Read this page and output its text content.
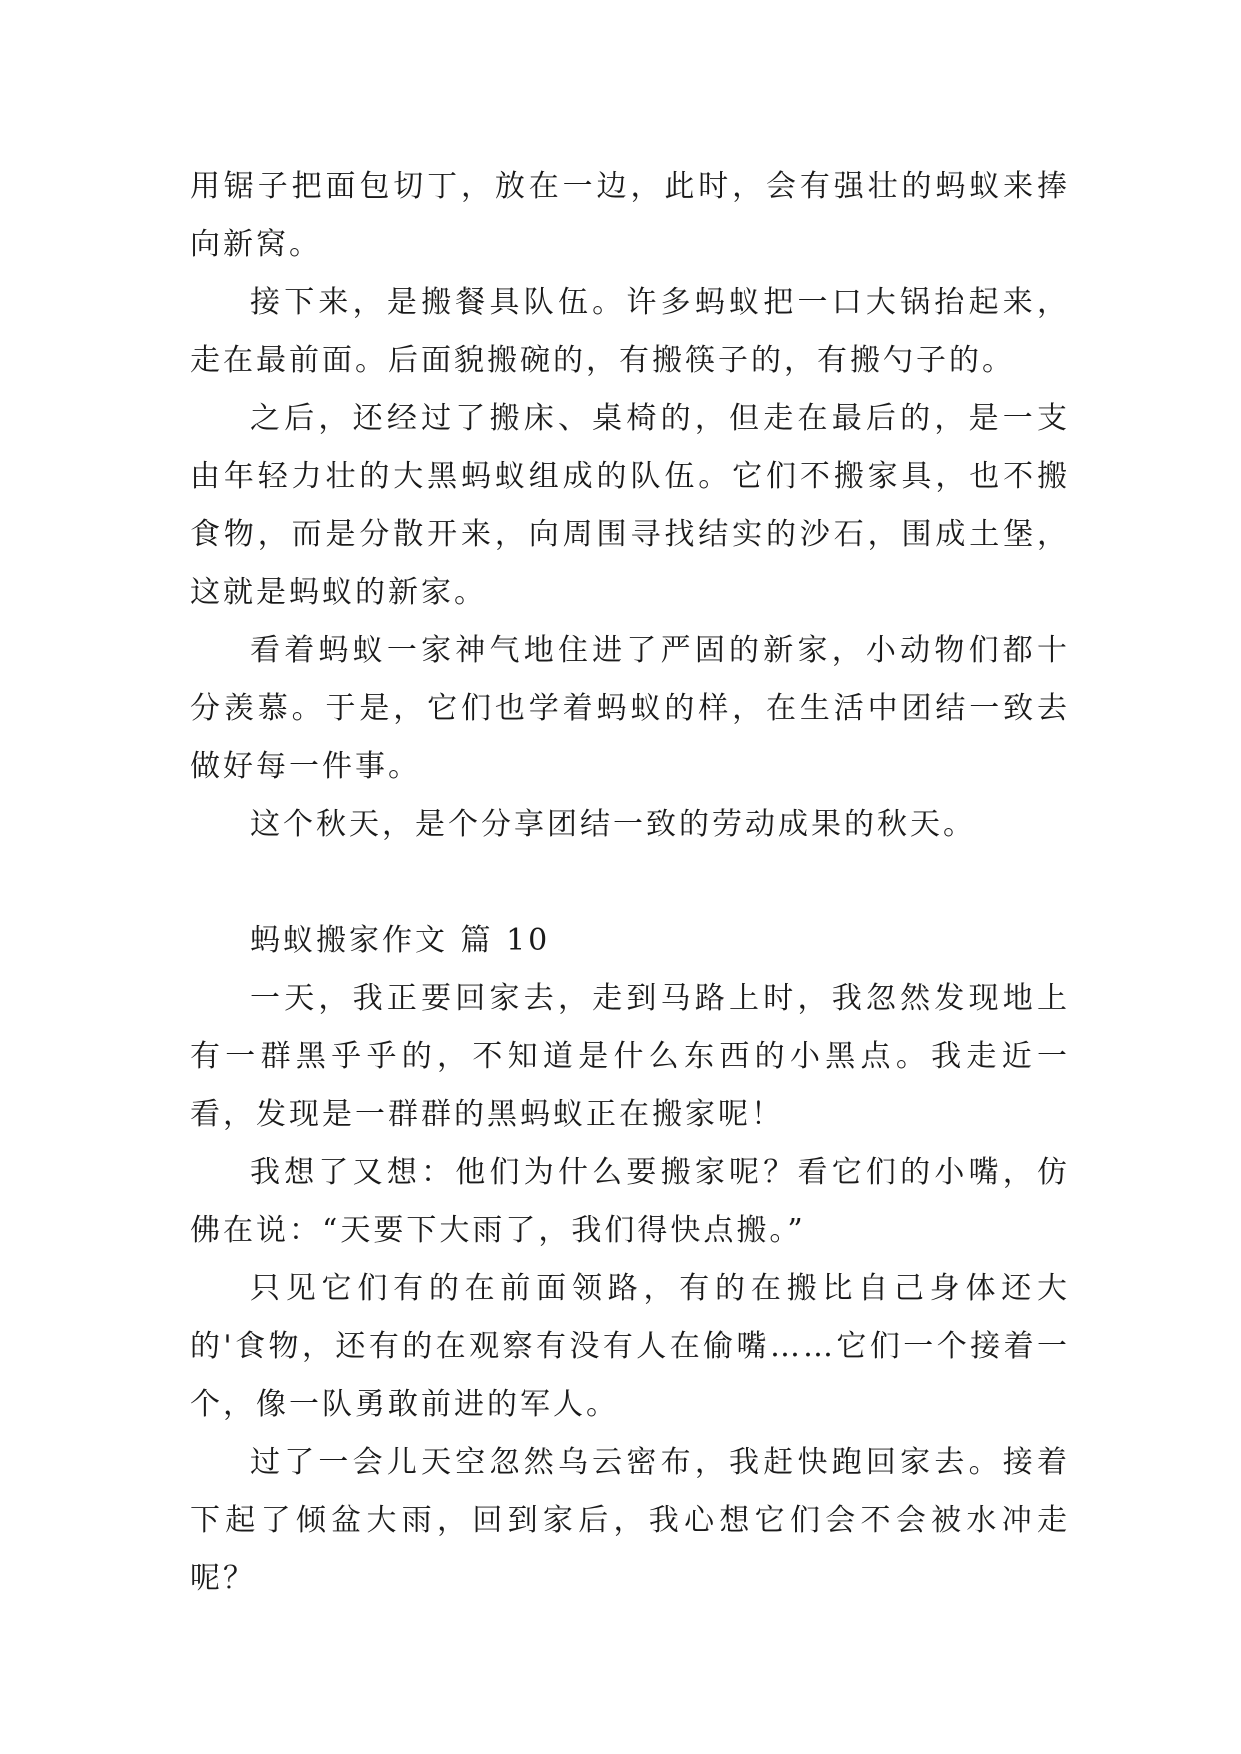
用锯子把面包切丁，放在一边，此时，会有强壮的蚂蚁来捧向新窝。

接下来，是搬餐具队伍。许多蚂蚁把一口大锅抬起来，走在最前面。后面貌搬碗的，有搬筷子的，有搬勺子的。

之后，还经过了搬床、桌椅的，但走在最后的，是一支由年轻力壮的大黑蚂蚁组成的队伍。它们不搬家具，也不搬食物，而是分散开来，向周围寻找结实的沙石，围成土堡，这就是蚂蚁的新家。

看着蚂蚁一家神气地住进了严固的新家，小动物们都十分羡慕。于是，它们也学着蚂蚁的样，在生活中团结一致去做好每一件事。

这个秋天，是个分享团结一致的劳动成果的秋天。

蚂蚁搬家作文 篇 10

一天，我正要回家去，走到马路上时，我忽然发现地上有一群黑乎乎的，不知道是什么东西的小黑点。我走近一看，发现是一群群的黑蚂蚁正在搬家呢！

我想了又想：他们为什么要搬家呢？看它们的小嘴，仿佛在说：“天要下大雨了，我们得快点搬。”

只见它们有的在前面领路，有的在搬比自己身体还大的'食物，还有的在观察有没有人在偷嘴……它们一个接着一个，像一队勇敢前进的军人。

过了一会儿天空忽然乌云密布，我赶快跑回家去。接着下起了倾盆大雨，回到家后，我心想它们会不会被水冲走呢？
